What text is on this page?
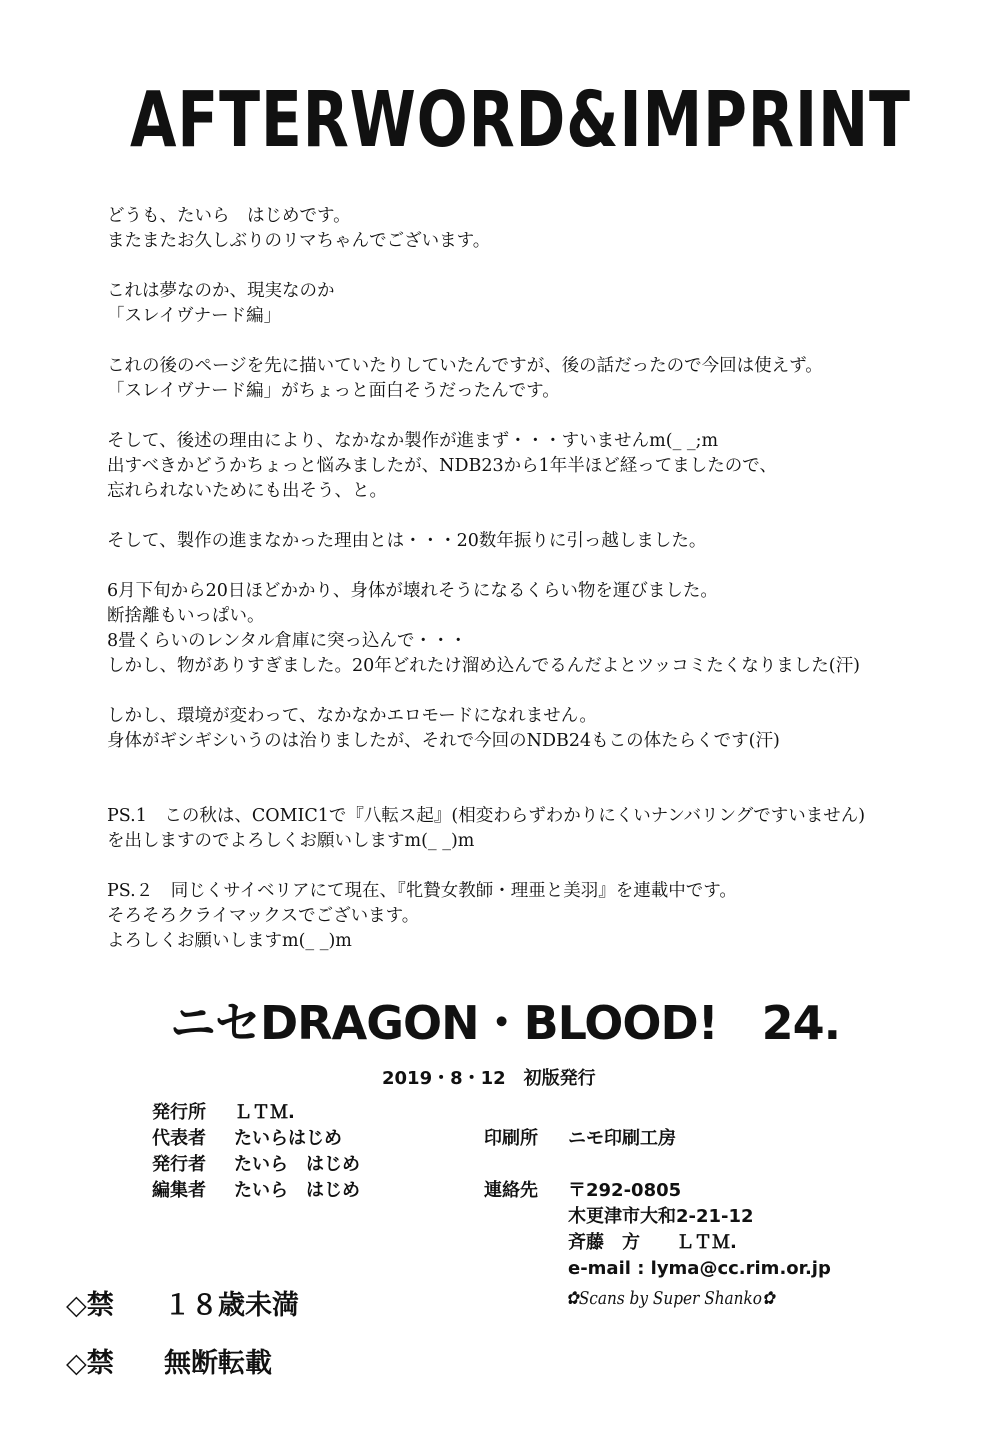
AFTERWORD&IMPRINT

どうも、たいら　はじめです。

またまたお久しぶりのリマちゃんでございます。

これは夢なのか、現実なのか

「スレイヴナード編」

これの後のページを先に描いていたりしていたんですが、後の話だったので今回は使えず。

「スレイヴナード編」がちょっと面白そうだったんです。

そして、後述の理由により、なかなか製作が進まず・・・すいませんm(_ _;m

出すべきかどうかちょっと悩みましたが、NDB23から1年半ほど経ってましたので、

忘れられないためにも出そう、と。

そして、製作の進まなかった理由とは・・・20数年振りに引っ越しました。

6月下旬から20日ほどかかり、身体が壊れそうになるくらい物を運びました。

断捨離もいっぱい。

8畳くらいのレンタル倉庫に突っ込んで・・・

しかし、物がありすぎました。20年どれたけ溜め込んでるんだよとツッコミたくなりました(汗)

しかし、環境が変わって、なかなかエロモードになれません。

身体がギシギシいうのは治りましたが、それで今回のNDB24もこの体たらくです(汗)

PS.1　この秋は、COMIC1で『八転ス起』(相変わらずわかりにくいナンバリングですいません)

を出しますのでよろしくお願いしますm(_ _)m

PS.２　同じくサイベリアにて現在、『牝贄女教師・理亜と美羽』を連載中です。

そろそろクライマックスでございます。

よろしくお願いしますm(_ _)m

ニセDRAGON・BLOOD! 24.
2019・8・12　初版発行
発行所	ＬＴＭ.
代表者	たいらはじめ
発行者	たいら　はじめ
編集者	たいら　はじめ
印刷所	ニモ印刷工房
連絡先	〒292-0805
木更津市大和2-21-12
斉藤　方　　ＬＴＭ.
e-mail : lyma@cc.rim.or.jp
✿Scans by Super Shanko✿
◇禁 １８歳未満
◇禁 無断転載
